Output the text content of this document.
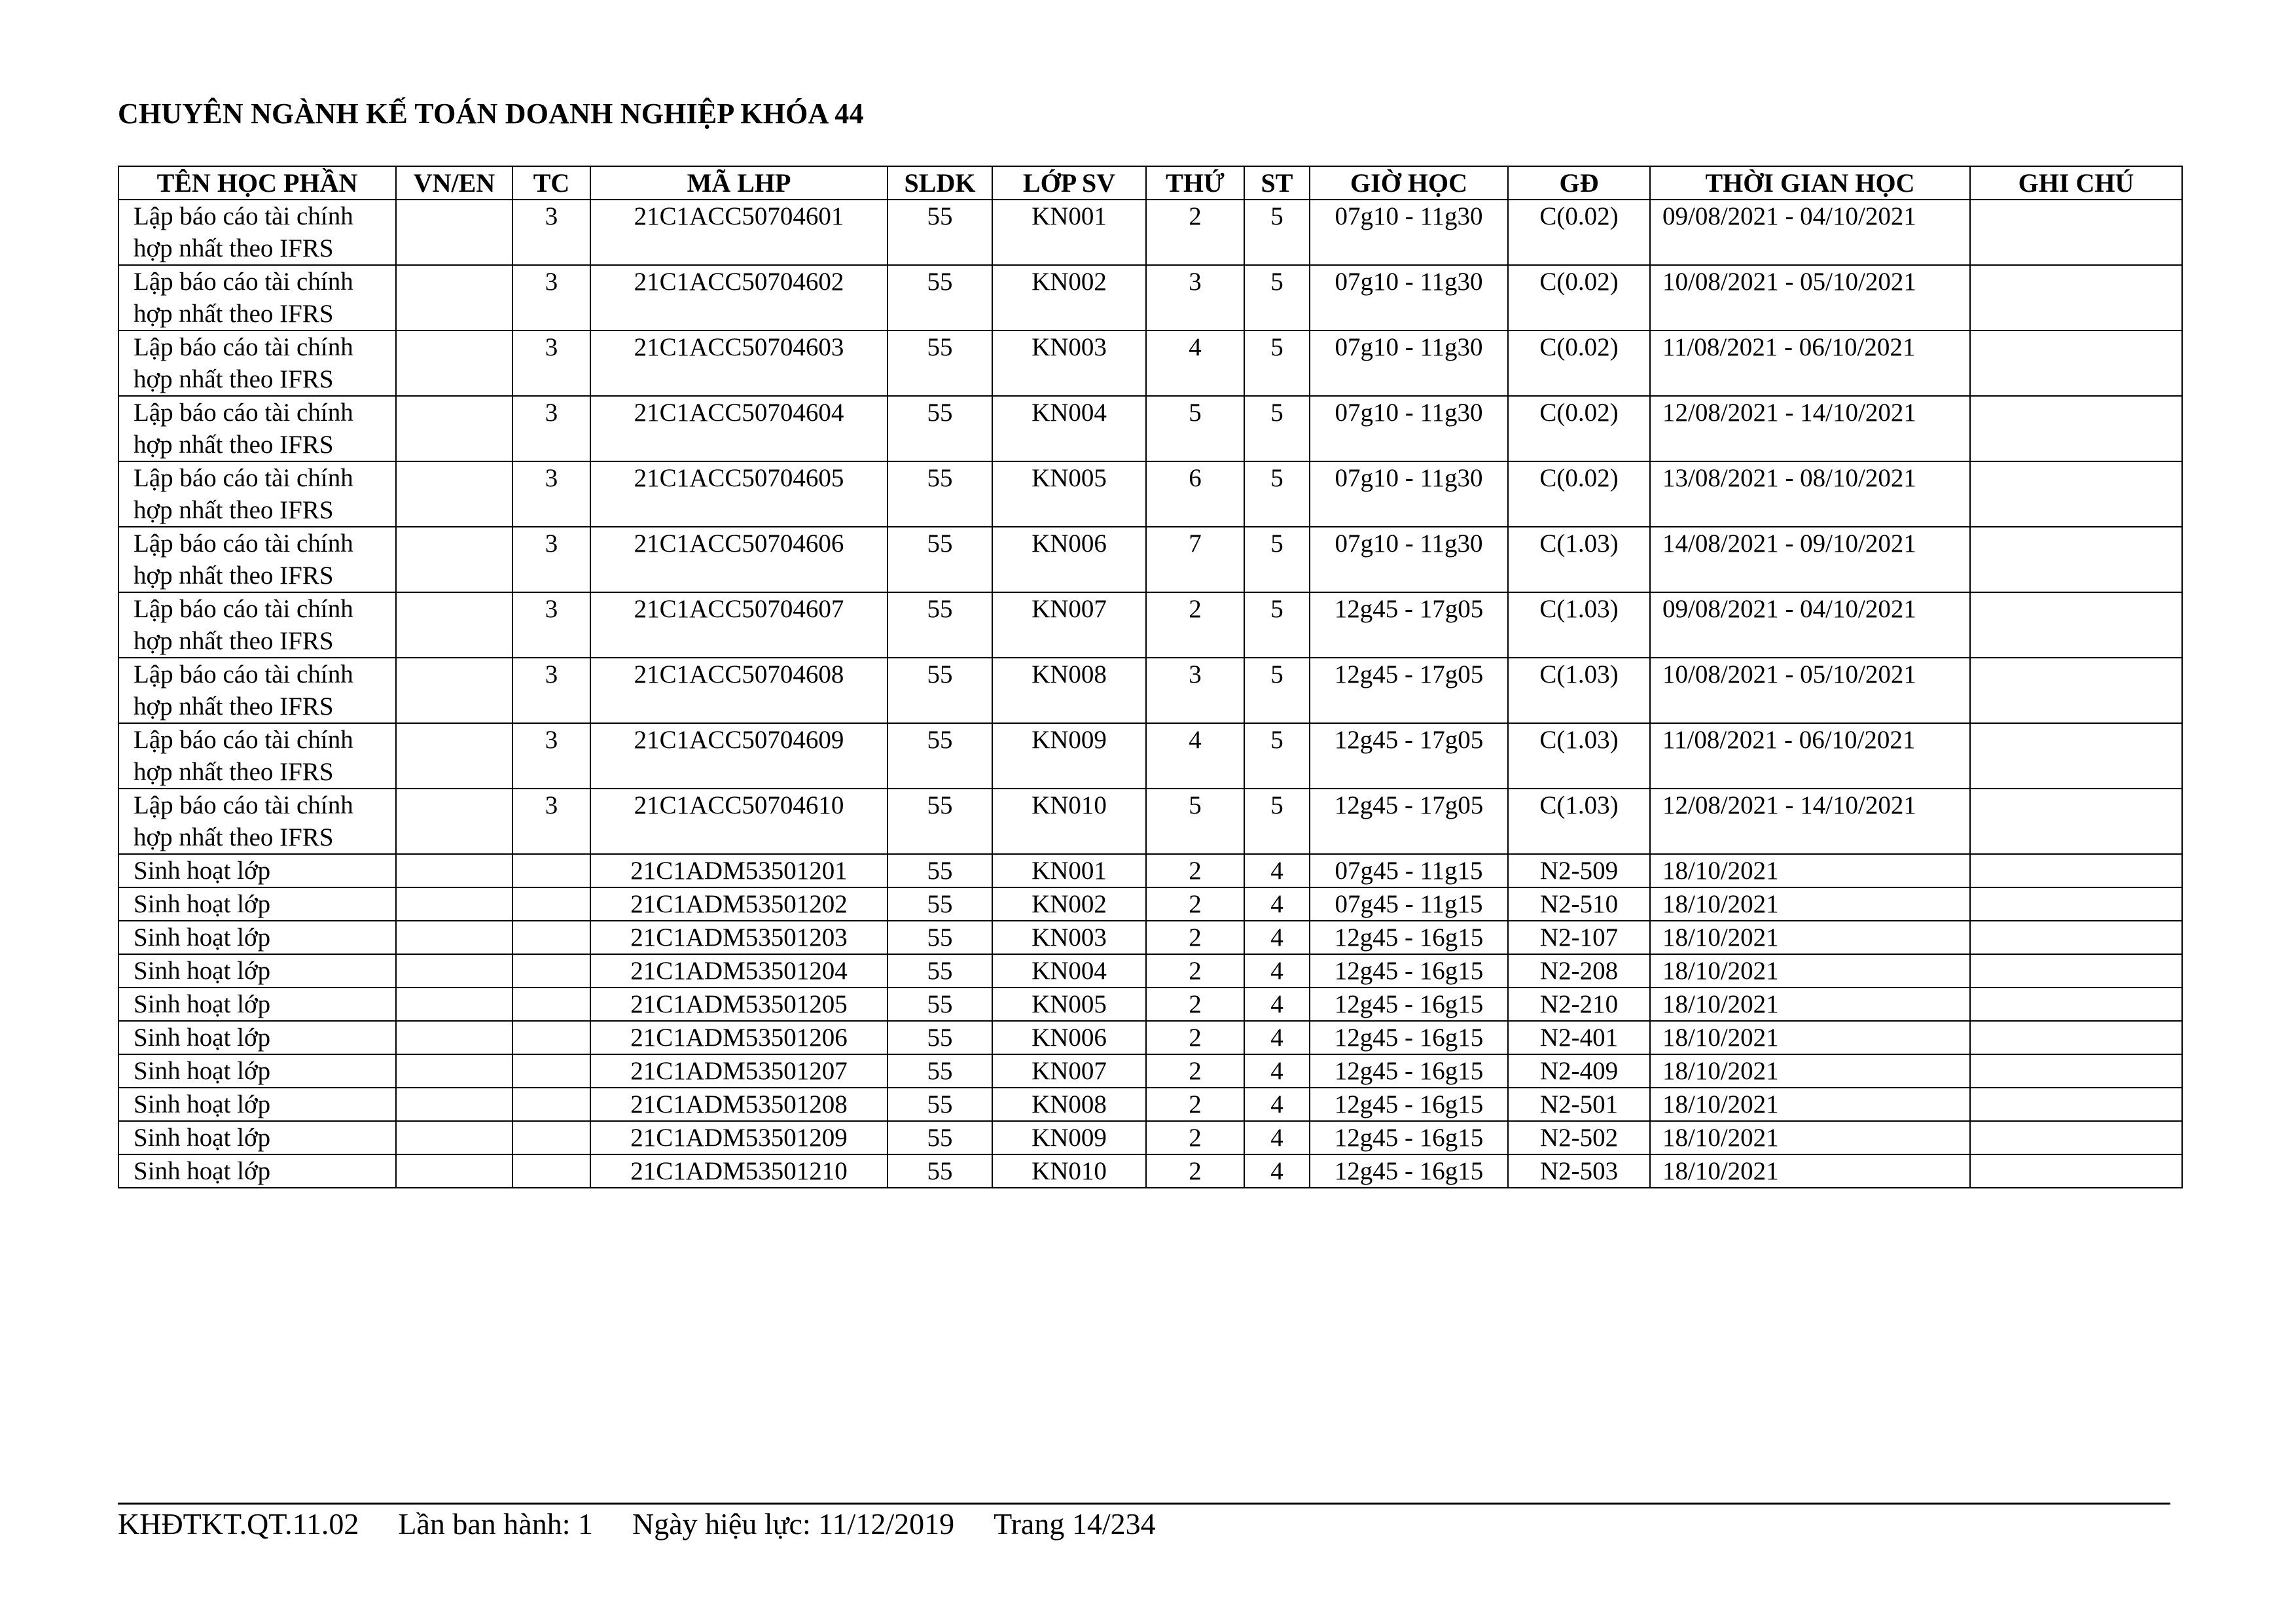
CHUYÊN NGÀNH KẾ TOÁN DOANH NGHIỆP KHÓA 44
TÊN HỌC PHẦN	VN/EN	TC	MÃ LHP	SLDK	LỚP SV	THỨ	ST	GIỜ HỌC	GĐ	THỜI GIAN HỌC	GHI CHÚ
Lập báo cáo tài chính hợp nhất theo IFRS		3	21C1ACC50704601	55	KN001	2	5	07g10 - 11g30	C(0.02)	09/08/2021 - 04/10/2021	
Lập báo cáo tài chính hợp nhất theo IFRS		3	21C1ACC50704602	55	KN002	3	5	07g10 - 11g30	C(0.02)	10/08/2021 - 05/10/2021	
Lập báo cáo tài chính hợp nhất theo IFRS		3	21C1ACC50704603	55	KN003	4	5	07g10 - 11g30	C(0.02)	11/08/2021 - 06/10/2021	
Lập báo cáo tài chính hợp nhất theo IFRS		3	21C1ACC50704604	55	KN004	5	5	07g10 - 11g30	C(0.02)	12/08/2021 - 14/10/2021	
Lập báo cáo tài chính hợp nhất theo IFRS		3	21C1ACC50704605	55	KN005	6	5	07g10 - 11g30	C(0.02)	13/08/2021 - 08/10/2021	
Lập báo cáo tài chính hợp nhất theo IFRS		3	21C1ACC50704606	55	KN006	7	5	07g10 - 11g30	C(1.03)	14/08/2021 - 09/10/2021	
Lập báo cáo tài chính hợp nhất theo IFRS		3	21C1ACC50704607	55	KN007	2	5	12g45 - 17g05	C(1.03)	09/08/2021 - 04/10/2021	
Lập báo cáo tài chính hợp nhất theo IFRS		3	21C1ACC50704608	55	KN008	3	5	12g45 - 17g05	C(1.03)	10/08/2021 - 05/10/2021	
Lập báo cáo tài chính hợp nhất theo IFRS		3	21C1ACC50704609	55	KN009	4	5	12g45 - 17g05	C(1.03)	11/08/2021 - 06/10/2021	
Lập báo cáo tài chính hợp nhất theo IFRS		3	21C1ACC50704610	55	KN010	5	5	12g45 - 17g05	C(1.03)	12/08/2021 - 14/10/2021	
Sinh hoạt lớp			21C1ADM53501201	55	KN001	2	4	07g45 - 11g15	N2-509	18/10/2021	
Sinh hoạt lớp			21C1ADM53501202	55	KN002	2	4	07g45 - 11g15	N2-510	18/10/2021	
Sinh hoạt lớp			21C1ADM53501203	55	KN003	2	4	12g45 - 16g15	N2-107	18/10/2021	
Sinh hoạt lớp			21C1ADM53501204	55	KN004	2	4	12g45 - 16g15	N2-208	18/10/2021	
Sinh hoạt lớp			21C1ADM53501205	55	KN005	2	4	12g45 - 16g15	N2-210	18/10/2021	
Sinh hoạt lớp			21C1ADM53501206	55	KN006	2	4	12g45 - 16g15	N2-401	18/10/2021	
Sinh hoạt lớp			21C1ADM53501207	55	KN007	2	4	12g45 - 16g15	N2-409	18/10/2021	
Sinh hoạt lớp			21C1ADM53501208	55	KN008	2	4	12g45 - 16g15	N2-501	18/10/2021	
Sinh hoạt lớp			21C1ADM53501209	55	KN009	2	4	12g45 - 16g15	N2-502	18/10/2021	
Sinh hoạt lớp			21C1ADM53501210	55	KN010	2	4	12g45 - 16g15	N2-503	18/10/2021	
KHĐTKT.QT.11.02 Lần ban hành: 1 Ngày hiệu lực: 11/12/2019 Trang 14/234
